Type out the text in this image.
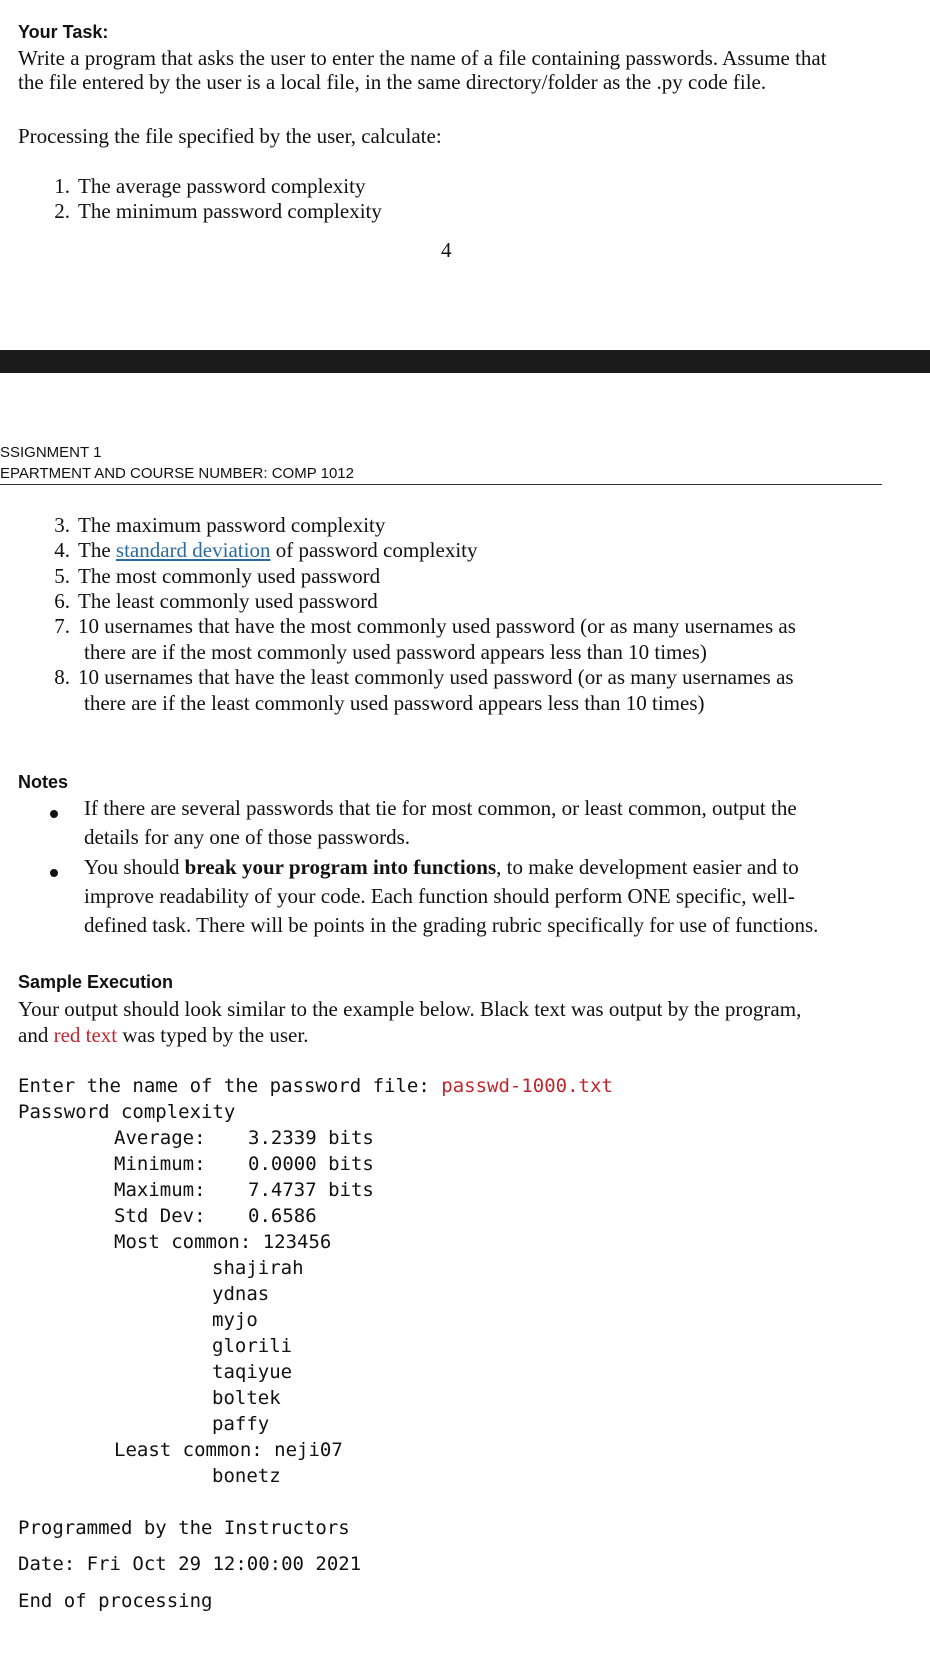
Your Task:
Write a program that asks the user to enter the name of a file containing passwords. Assume that
the file entered by the user is a local file, in the same directory/folder as the .py code file.
Processing the file specified by the user, calculate:
1. The average password complexity
2. The minimum password complexity
4
SSIGNMENT 1
EPARTMENT AND COURSE NUMBER: COMP 1012
3. The maximum password complexity
4. The standard deviation of password complexity
5. The most commonly used password
6. The least commonly used password
7. 10 usernames that have the most commonly used password (or as many usernames as
there are if the most commonly used password appears less than 10 times)
8. 10 usernames that have the least commonly used password (or as many usernames as
there are if the least commonly used password appears less than 10 times)
Notes
If there are several passwords that tie for most common, or least common, output the
details for any one of those passwords.
You should break your program into functions, to make development easier and to
improve readability of your code. Each function should perform ONE specific, well-
defined task. There will be points in the grading rubric specifically for use of functions.
Sample Execution
Your output should look similar to the example below. Black text was output by the program,
and red text was typed by the user.
Enter the name of the password file: passwd-1000.txt
Password complexity
Average: 3.2339 bits
Minimum: 0.0000 bits
Maximum: 7.4737 bits
Std Dev: 0.6586
Most common: 123456
shajirah
ydnas
myjo
glorili
taqiyue
boltek
paffy
Least common: neji07
bonetz
Programmed by the Instructors
Date: Fri Oct 29 12:00:00 2021
End of processing
